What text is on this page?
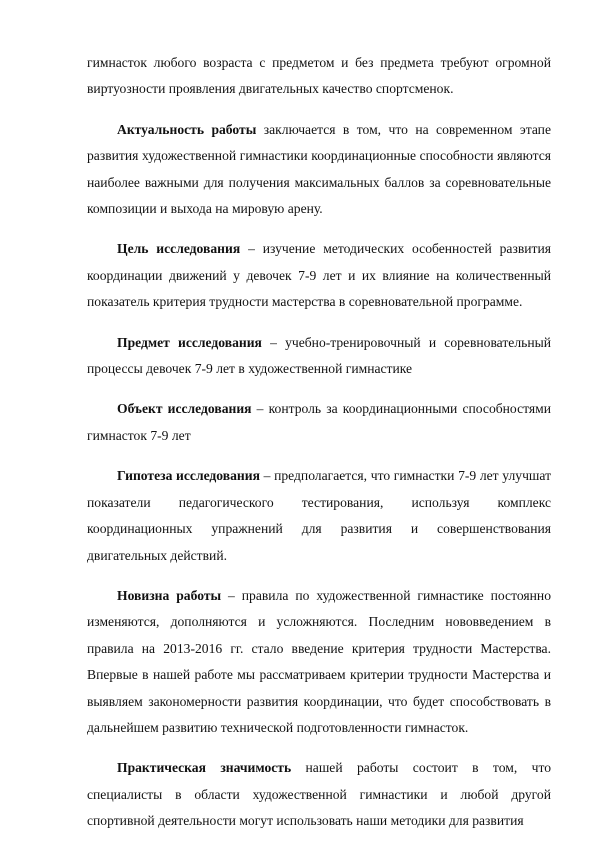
гимнасток любого возраста с предметом и без предмета требуют огромной виртуозности проявления двигательных качество спортсменок.

Актуальность работы заключается в том, что на современном этапе развития художественной гимнастики координационные способности являются наиболее важными для получения максимальных баллов за соревновательные композиции и выхода на мировую арену.

Цель исследования – изучение методических особенностей развития координации движений у девочек 7-9 лет и их влияние на количественный показатель критерия трудности мастерства в соревновательной программе.

Предмет исследования – учебно-тренировочный и соревновательный процессы девочек 7-9 лет в художественной гимнастике

Объект исследования – контроль за координационными способностями гимнасток 7-9 лет

Гипотеза исследования – предполагается, что гимнастки 7-9 лет улучшат показатели педагогического тестирования, используя комплекс координационных упражнений для развития и совершенствования двигательных действий.

Новизна работы – правила по художественной гимнастике постоянно изменяются, дополняются и усложняются. Последним нововведением в правила на 2013-2016 гг. стало введение критерия трудности Мастерства. Впервые в нашей работе мы рассматриваем критерии трудности Мастерства и выявляем закономерности развития координации, что будет способствовать в дальнейшем развитию технической подготовленности гимнасток.

Практическая значимость нашей работы состоит в том, что специалисты в области художественной гимнастики и любой другой спортивной деятельности могут использовать наши методики для развития
